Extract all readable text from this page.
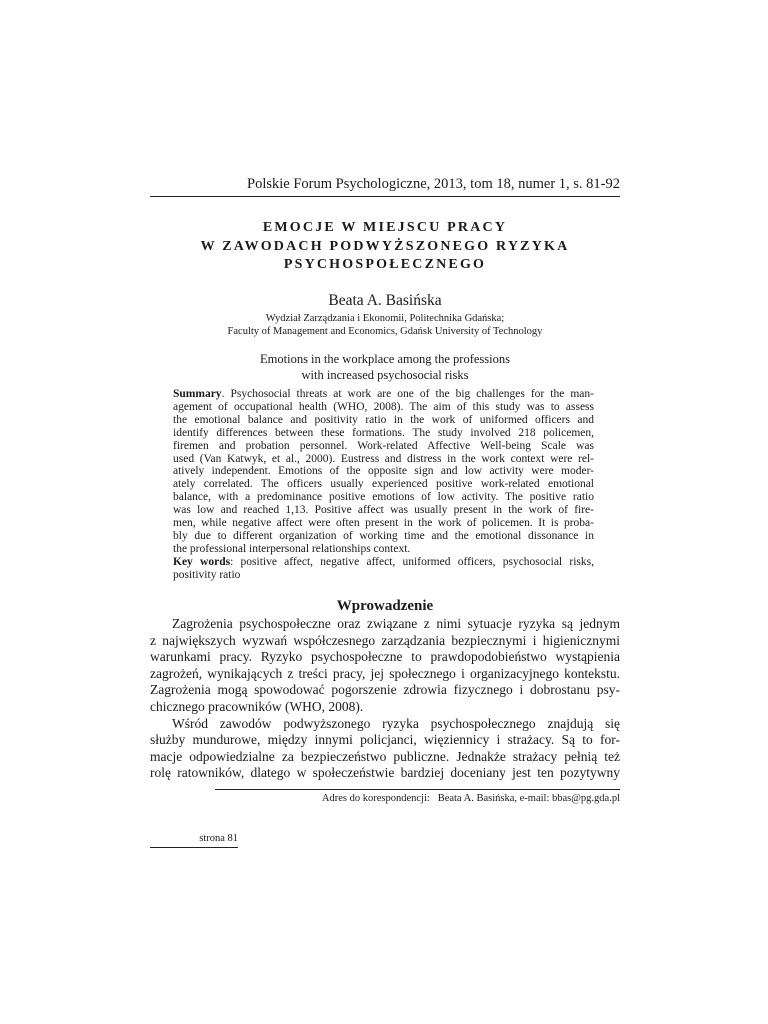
Polskie Forum Psychologiczne, 2013, tom 18, numer 1, s. 81-92
EMOCJE W MIEJSCU PRACY
W ZAWODACH PODWYŻSZONEGO RYZYKA
PSYCHOSPOŁECZNEGO
Beata A. Basińska
Wydział Zarządzania i Ekonomii, Politechnika Gdańska;
Faculty of Management and Economics, Gdańsk University of Technology
Emotions in the workplace among the professions
with increased psychosocial risks
Summary. Psychosocial threats at work are one of the big challenges for the man-
agement of occupational health (WHO, 2008). The aim of this study was to assess
the emotional balance and positivity ratio in the work of uniformed officers and
identify differences between these formations. The study involved 218 policemen,
firemen and probation personnel. Work-related Affective Well-being Scale was
used (Van Katwyk, et al., 2000). Eustress and distress in the work context were rel-
atively independent. Emotions of the opposite sign and low activity were moder-
ately correlated. The officers usually experienced positive work-related emotional
balance, with a predominance positive emotions of low activity. The positive ratio
was low and reached 1,13. Positive affect was usually present in the work of fire-
men, while negative affect were often present in the work of policemen. It is proba-
bly due to different organization of working time and the emotional dissonance in
the professional interpersonal relationships context.
Key words: positive affect, negative affect, uniformed officers, psychosocial risks,
positivity ratio
Wprowadzenie
Zagrożenia psychospołeczne oraz związane z nimi sytuacje ryzyka są jednym
z największych wyzwań współczesnego zarządzania bezpiecznymi i higienicznymi
warunkami pracy. Ryzyko psychospołeczne to prawdopodobieństwo wystąpienia
zagrożeń, wynikających z treści pracy, jej społecznego i organizacyjnego kontekstu.
Zagrożenia mogą spowodować pogorszenie zdrowia fizycznego i dobrostanu psy-
chicznego pracowników (WHO, 2008).
Wśród zawodów podwyższonego ryzyka psychospołecznego znajdują się
służby mundurowe, między innymi policjanci, więziennicy i strażacy. Są to for-
macje odpowiedzialne za bezpieczeństwo publiczne. Jednakże strażacy pełnią też
rolę ratowników, dlatego w społeczeństwie bardziej doceniany jest ten pozytywny
Adres do korespondencji:   Beata A. Basińska, e-mail: bbas@pg.gda.pl
strona 81
